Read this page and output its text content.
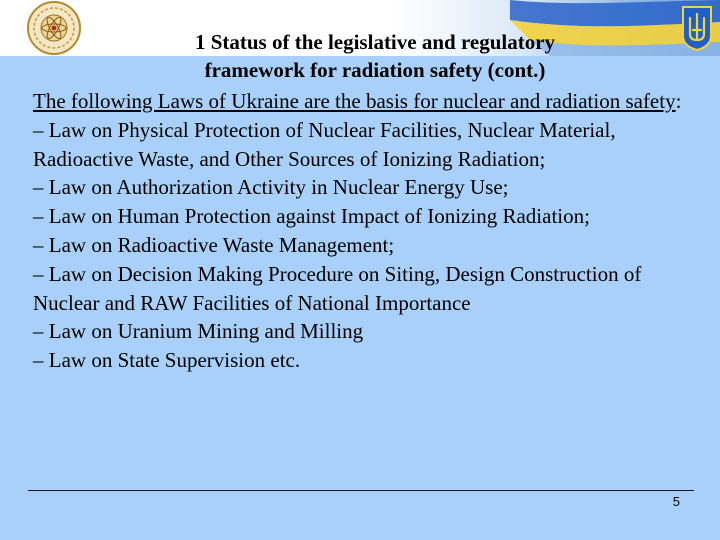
1 Status of the legislative and regulatory
framework for radiation safety (cont.)

The following Laws of Ukraine are the basis for nuclear and radiation safety:

– Law on Physical Protection of Nuclear Facilities, Nuclear Material, Radioactive Waste, and Other Sources of Ionizing Radiation;

– Law on Authorization Activity in Nuclear Energy Use;

– Law on Human Protection against Impact of Ionizing Radiation;

– Law on Radioactive Waste Management;

– Law on Decision Making Procedure on Siting, Design Construction of Nuclear and RAW Facilities of National Importance

– Law on Uranium Mining and Milling

– Law on State Supervision etc.

5
